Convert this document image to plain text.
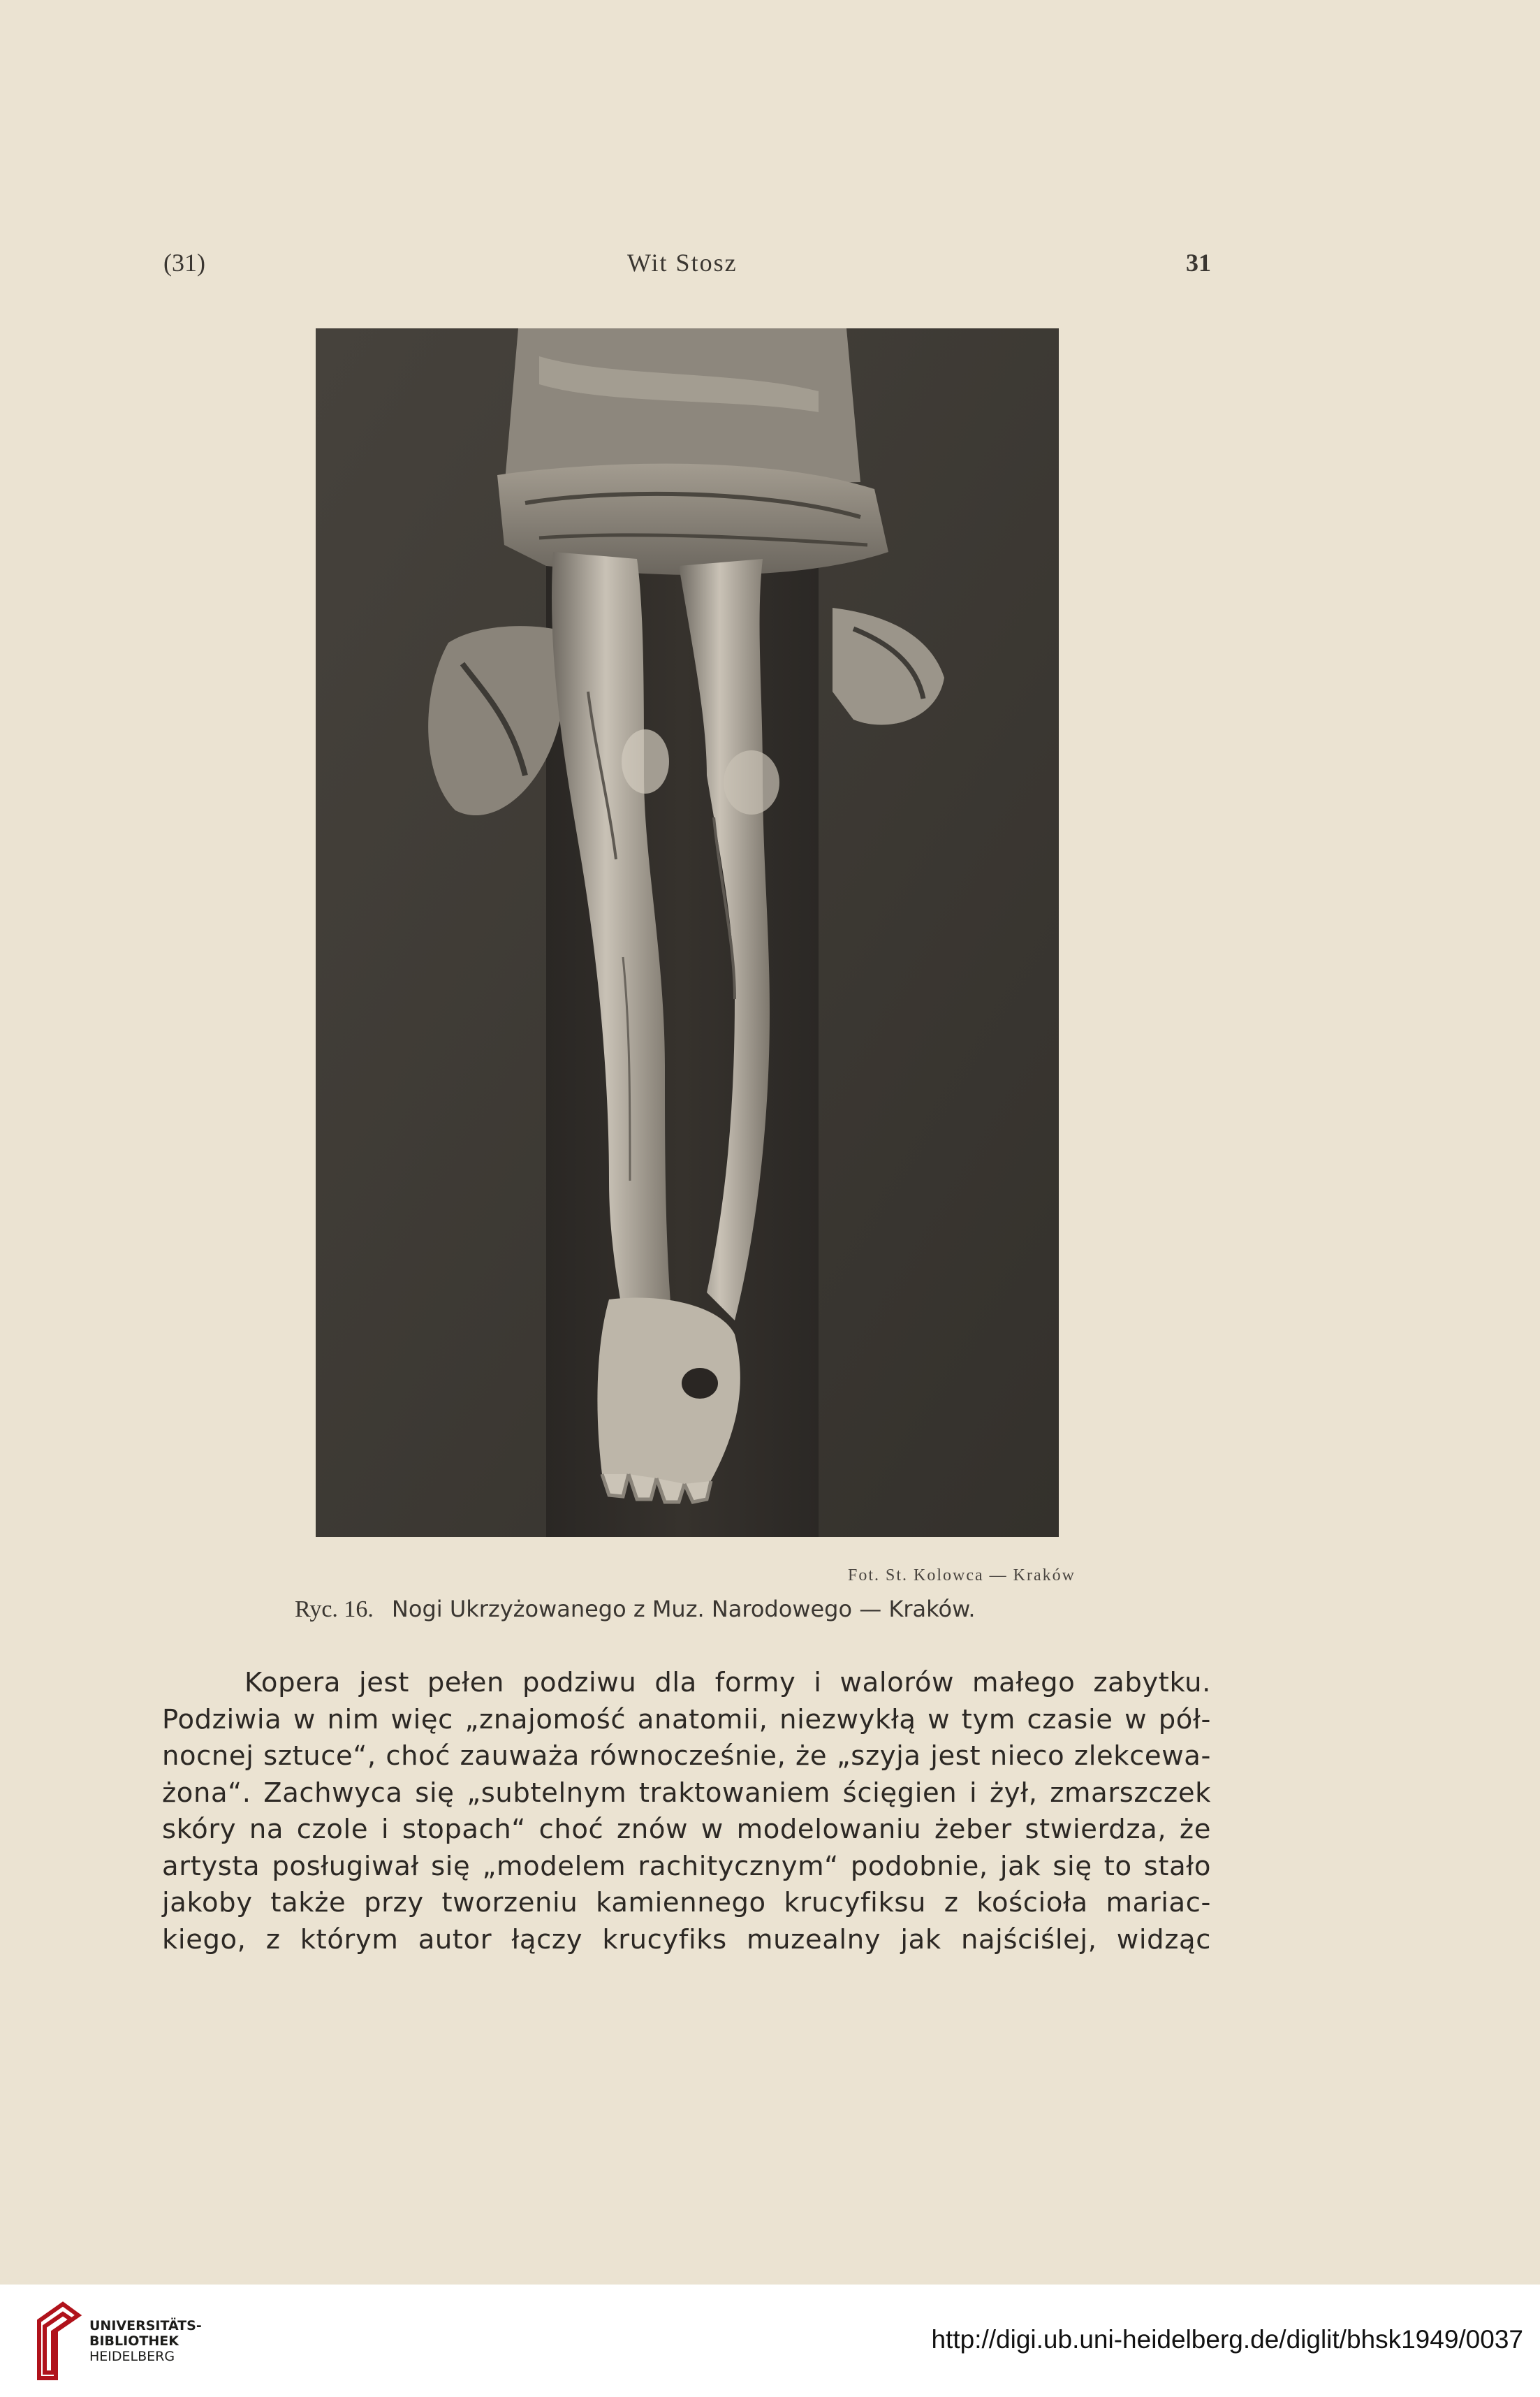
(31)	Wit Stosz	31
Fot. St. Kolowca — Kraków
Ryc. 16. Nogi Ukrzyżowanego z Muz. Narodowego — Kraków.
Kopera jest pełen podziwu dla formy i walorów małego zabytku.
Podziwia w nim więc „znajomość anatomii, niezwykłą w tym czasie w pół-
nocnej sztuce“, choć zauważa równocześnie, że „szyja jest nieco zlekcewa-
żona“. Zachwyca się „subtelnym traktowaniem ścięgien i żył, zmarszczek
skóry na czole i stopach“ choć znów w modelowaniu żeber stwierdza, że
artysta posługiwał się „modelem rachitycznym“ podobnie, jak się to stało
jakoby także przy tworzeniu kamiennego krucyfiksu z kościoła mariac-
kiego, z którym autor łączy krucyfiks muzealny jak najściślej, widząc
UNIVERSITÄTS-
BIBLIOTHEK
HEIDELBERG
http://digi.ub.uni-heidelberg.de/diglit/bhsk1949/0037
